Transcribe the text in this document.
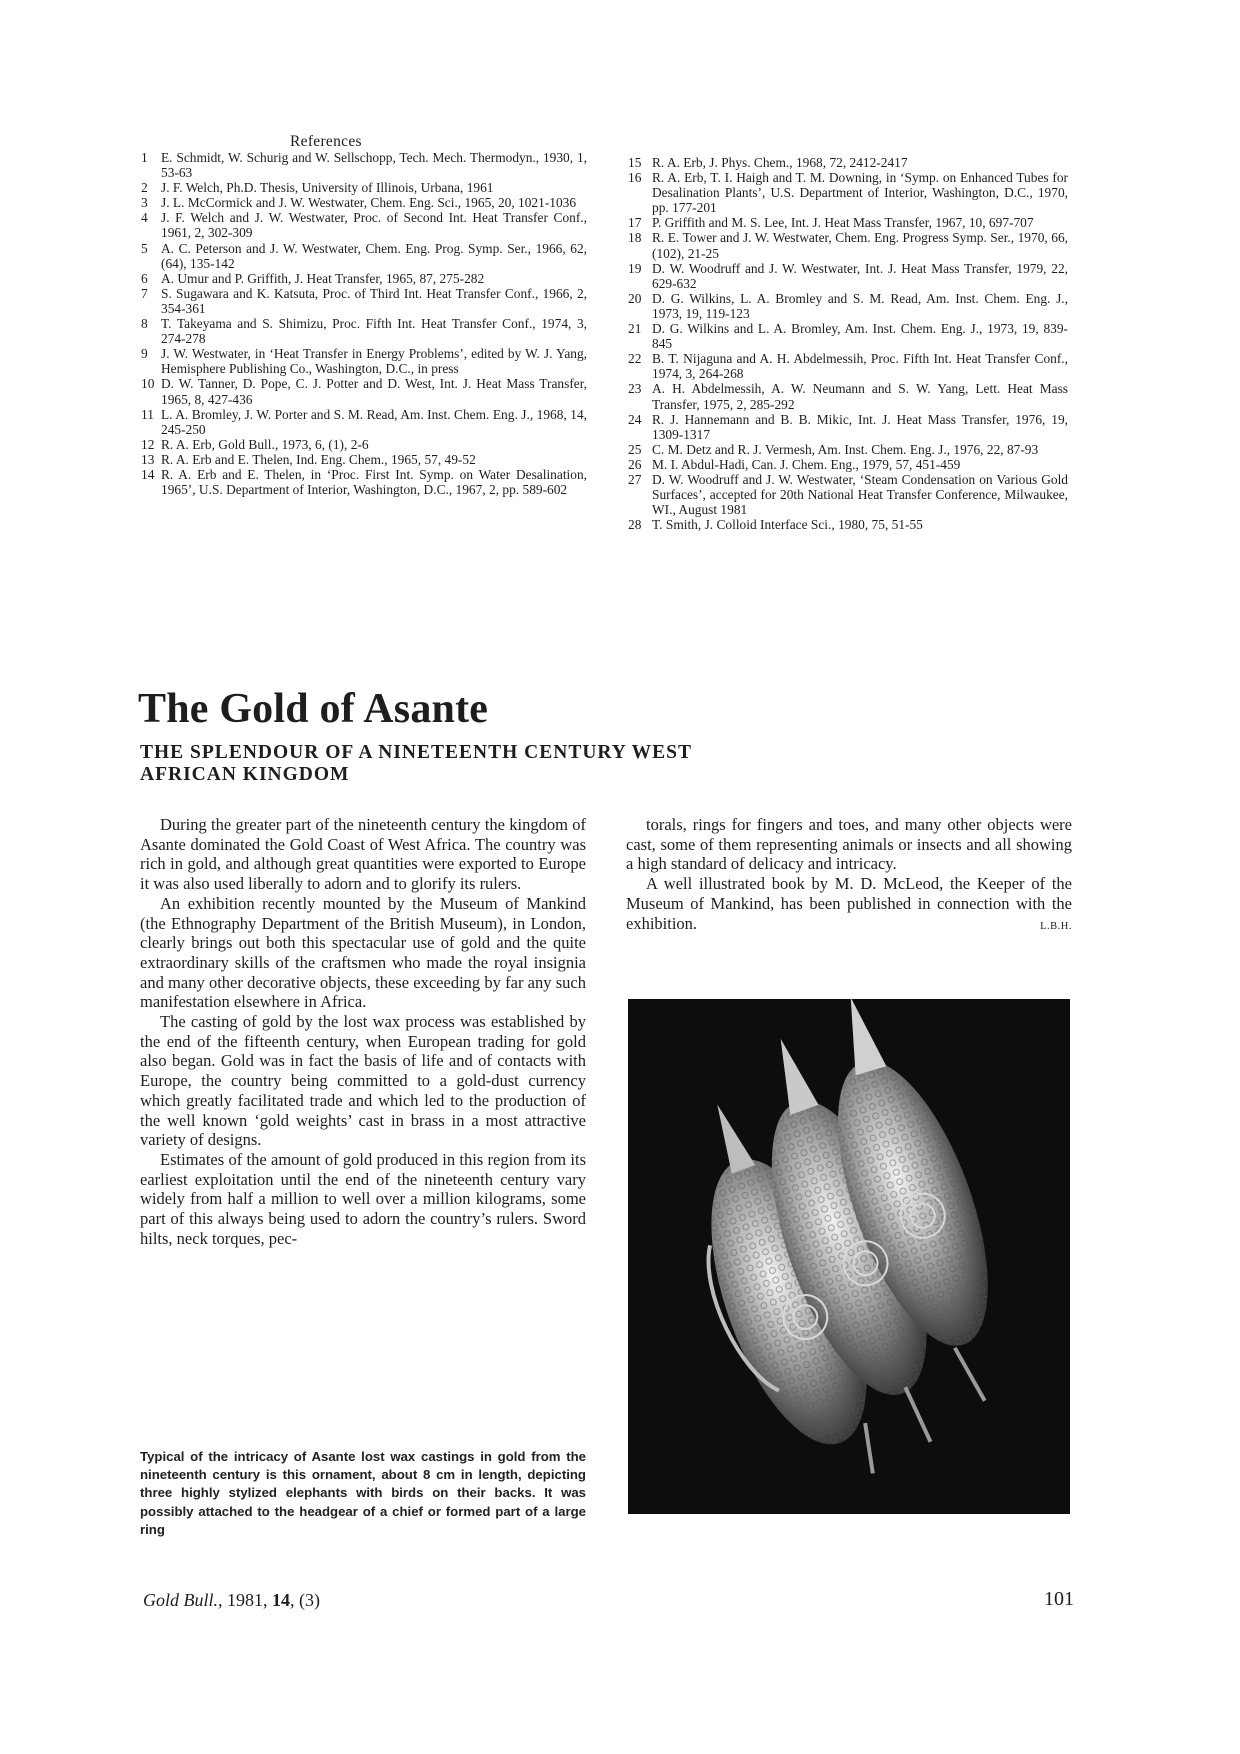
References
1 E. Schmidt, W. Schurig and W. Sellschopp, Tech. Mech. Thermodyn., 1930, 1, 53-63
2 J. F. Welch, Ph.D. Thesis, University of Illinois, Urbana, 1961
3 J. L. McCormick and J. W. Westwater, Chem. Eng. Sci., 1965, 20, 1021-1036
4 J. F. Welch and J. W. Westwater, Proc. of Second Int. Heat Transfer Conf., 1961, 2, 302-309
5 A. C. Peterson and J. W. Westwater, Chem. Eng. Prog. Symp. Ser., 1966, 62, (64), 135-142
6 A. Umur and P. Griffith, J. Heat Transfer, 1965, 87, 275-282
7 S. Sugawara and K. Katsuta, Proc. of Third Int. Heat Transfer Conf., 1966, 2, 354-361
8 T. Takeyama and S. Shimizu, Proc. Fifth Int. Heat Transfer Conf., 1974, 3, 274-278
9 J. W. Westwater, in ‘Heat Transfer in Energy Problems’, edited by W. J. Yang, Hemisphere Publishing Co., Washington, D.C., in press
10 D. W. Tanner, D. Pope, C. J. Potter and D. West, Int. J. Heat Mass Transfer, 1965, 8, 427-436
11 L. A. Bromley, J. W. Porter and S. M. Read, Am. Inst. Chem. Eng. J., 1968, 14, 245-250
12 R. A. Erb, Gold Bull., 1973, 6, (1), 2-6
13 R. A. Erb and E. Thelen, Ind. Eng. Chem., 1965, 57, 49-52
14 R. A. Erb and E. Thelen, in ‘Proc. First Int. Symp. on Water Desalination, 1965’, U.S. Department of Interior, Washington, D.C., 1967, 2, pp. 589-602
15 R. A. Erb, J. Phys. Chem., 1968, 72, 2412-2417
16 R. A. Erb, T. I. Haigh and T. M. Downing, in ‘Symp. on Enhanced Tubes for Desalination Plants’, U.S. Department of Interior, Washington, D.C., 1970, pp. 177-201
17 P. Griffith and M. S. Lee, Int. J. Heat Mass Transfer, 1967, 10, 697-707
18 R. E. Tower and J. W. Westwater, Chem. Eng. Progress Symp. Ser., 1970, 66, (102), 21-25
19 D. W. Woodruff and J. W. Westwater, Int. J. Heat Mass Transfer, 1979, 22, 629-632
20 D. G. Wilkins, L. A. Bromley and S. M. Read, Am. Inst. Chem. Eng. J., 1973, 19, 119-123
21 D. G. Wilkins and L. A. Bromley, Am. Inst. Chem. Eng. J., 1973, 19, 839-845
22 B. T. Nijaguna and A. H. Abdelmessih, Proc. Fifth Int. Heat Transfer Conf., 1974, 3, 264-268
23 A. H. Abdelmessih, A. W. Neumann and S. W. Yang, Lett. Heat Mass Transfer, 1975, 2, 285-292
24 R. J. Hannemann and B. B. Mikic, Int. J. Heat Mass Transfer, 1976, 19, 1309-1317
25 C. M. Detz and R. J. Vermesh, Am. Inst. Chem. Eng. J., 1976, 22, 87-93
26 M. I. Abdul-Hadi, Can. J. Chem. Eng., 1979, 57, 451-459
27 D. W. Woodruff and J. W. Westwater, ‘Steam Condensation on Various Gold Surfaces’, accepted for 20th National Heat Transfer Conference, Milwaukee, WI., August 1981
28 T. Smith, J. Colloid Interface Sci., 1980, 75, 51-55
The Gold of Asante
THE SPLENDOUR OF A NINETEENTH CENTURY WEST AFRICAN KINGDOM

During the greater part of the nineteenth century the kingdom of Asante dominated the Gold Coast of West Africa. The country was rich in gold, and although great quantities were exported to Europe it was also used liberally to adorn and to glorify its rulers.

An exhibition recently mounted by the Museum of Mankind (the Ethnography Department of the British Museum), in London, clearly brings out both this spectacular use of gold and the quite extraordinary skills of the craftsmen who made the royal insignia and many other decorative objects, these exceeding by far any such manifestation elsewhere in Africa.

The casting of gold by the lost wax process was established by the end of the fifteenth century, when European trading for gold also began. Gold was in fact the basis of life and of contacts with Europe, the country being committed to a gold-dust currency which greatly facilitated trade and which led to the production of the well known ‘gold weights’ cast in brass in a most attractive variety of designs.

Estimates of the amount of gold produced in this region from its earliest exploitation until the end of the nineteenth century vary widely from half a million to well over a million kilograms, some part of this always being used to adorn the country’s rulers. Sword hilts, neck torques, pec-

torals, rings for fingers and toes, and many other objects were cast, some of them representing animals or insects and all showing a high standard of delicacy and intricacy.

A well illustrated book by M. D. McLeod, the Keeper of the Museum of Mankind, has been published in connection with the exhibition.	L.B.H.

Typical of the intricacy of Asante lost wax castings in gold from the nineteenth century is this ornament, about 8 cm in length, depicting three highly stylized elephants with birds on their backs. It was possibly attached to the headgear of a chief or formed part of a large ring

Gold Bull., 1981, 14, (3)	101
